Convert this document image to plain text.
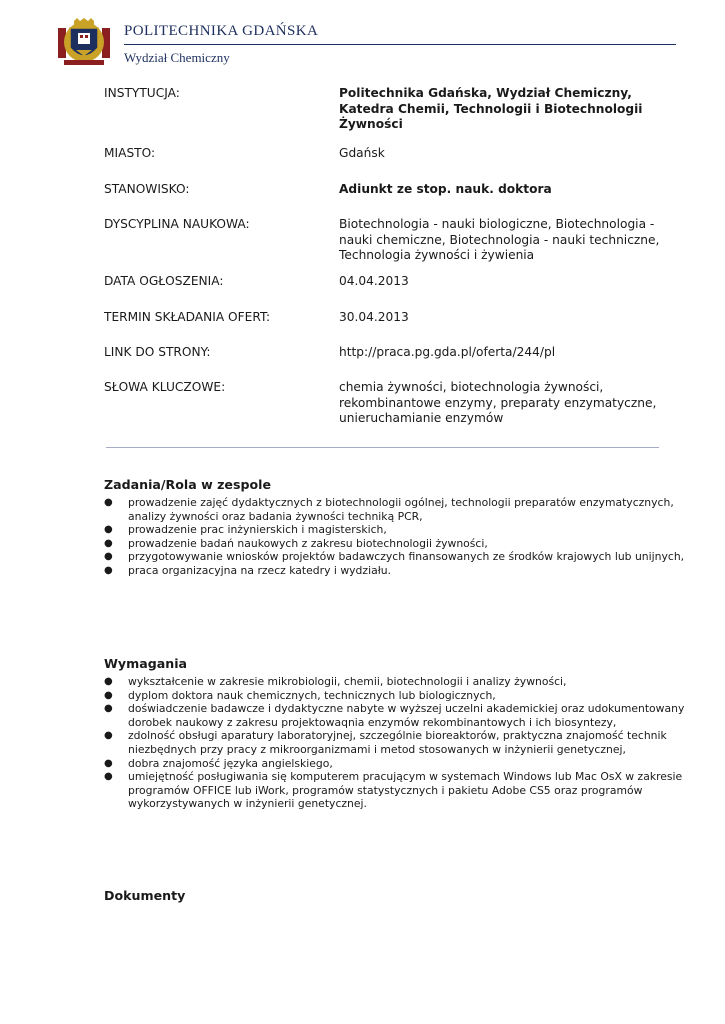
POLITECHNIKA GDAŃSKA
Wydział Chemiczny
INSTYTUCJA:	Politechnika Gdańska, Wydział Chemiczny, Katedra Chemii, Technologii i Biotechnologii Żywności
MIASTO:	Gdańsk
STANOWISKO:	Adiunkt ze stop. nauk. doktora
DYSCYPLINA NAUKOWA:	Biotechnologia - nauki biologiczne, Biotechnologia - nauki chemiczne, Biotechnologia - nauki techniczne, Technologia żywności i żywienia
DATA OGŁOSZENIA:	04.04.2013
TERMIN SKŁADANIA OFERT:	30.04.2013
LINK DO STRONY:	http://praca.pg.gda.pl/oferta/244/pl
SŁOWA KLUCZOWE:	chemia żywności, biotechnologia żywności, rekombinantowe enzymy, preparaty enzymatyczne, unieruchamianie enzymów
Zadania/Rola w zespole
● prowadzenie zajęć dydaktycznych z biotechnologii ogólnej, technologii preparatów enzymatycznych, analizy żywności oraz badania żywności techniką PCR,
● prowadzenie prac inżynierskich i magisterskich,
● prowadzenie badań naukowych z zakresu biotechnologii żywności,
● przygotowywanie wniosków projektów badawczych finansowanych ze środków krajowych lub unijnych,
● praca organizacyjna na rzecz katedry i wydziału.
Wymagania
● wykształcenie w zakresie mikrobiologii, chemii, biotechnologii i analizy żywności,
● dyplom doktora nauk chemicznych, technicznych lub biologicznych,
● doświadczenie badawcze i dydaktyczne nabyte w wyższej uczelni akademickiej oraz udokumentowany dorobek naukowy z zakresu projektowaqnia enzymów rekombinantowych i ich biosyntezy,
● zdolność obsługi aparatury laboratoryjnej, szczególnie bioreaktorów, praktyczna znajomość technik niezbędnych przy pracy z mikroorganizmami i metod stosowanych w inżynierii genetycznej,
● dobra znajomość języka angielskiego,
● umiejętność posługiwania się komputerem pracującym w systemach Windows lub Mac OsX w zakresie programów OFFICE lub iWork, programów statystycznych i pakietu Adobe CS5 oraz programów wykorzystywanych w inżynierii genetycznej.
Dokumenty
